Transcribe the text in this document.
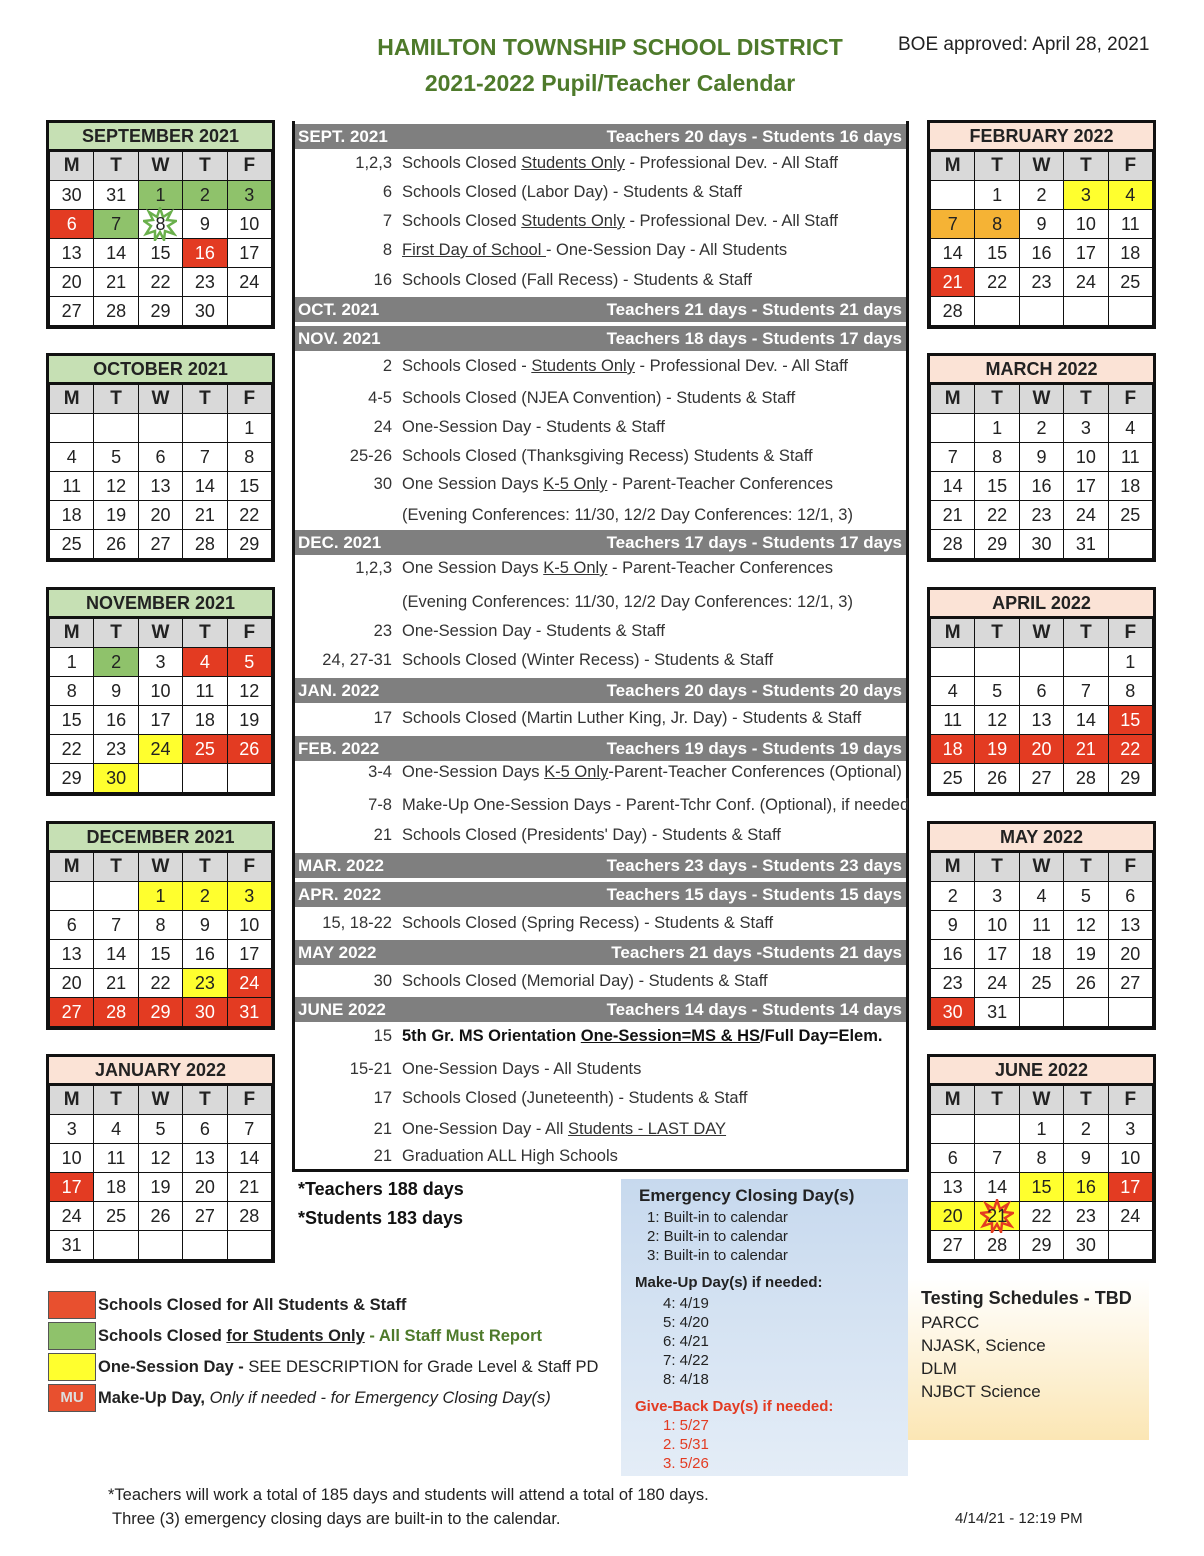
HAMILTON TOWNSHIP SCHOOL DISTRICT
2021-2022 Pupil/Teacher Calendar
BOE approved: April 28, 2021
SEPTEMBER 2021
M	T	W	T	F
30	31	1	2	3
6	7	8	9	10
13	14	15	16	17
20	21	22	23	24
27	28	29	30	
OCTOBER 2021
M	T	W	T	F
				1
4	5	6	7	8
11	12	13	14	15
18	19	20	21	22
25	26	27	28	29
NOVEMBER 2021
M	T	W	T	F
1	2	3	4	5
8	9	10	11	12
15	16	17	18	19
22	23	24	25	26
29	30			
DECEMBER 2021
M	T	W	T	F
		1	2	3
6	7	8	9	10
13	14	15	16	17
20	21	22	23	24
27	28	29	30	31
JANUARY 2022
M	T	W	T	F
3	4	5	6	7
10	11	12	13	14
17	18	19	20	21
24	25	26	27	28
31				
FEBRUARY 2022
M	T	W	T	F
	1	2	3	4
7	8	9	10	11
14	15	16	17	18
21	22	23	24	25
28				
MARCH 2022
M	T	W	T	F
	1	2	3	4
7	8	9	10	11
14	15	16	17	18
21	22	23	24	25
28	29	30	31	
APRIL 2022
M	T	W	T	F
				1
4	5	6	7	8
11	12	13	14	15
18	19	20	21	22
25	26	27	28	29
MAY 2022
M	T	W	T	F
2	3	4	5	6
9	10	11	12	13
16	17	18	19	20
23	24	25	26	27
30	31			
JUNE 2022
M	T	W	T	F
		1	2	3
6	7	8	9	10
13	14	15	16	17
20	21	22	23	24
27	28	29	30	
SEPT. 2021	Teachers 20 days - Students 16 days
OCT. 2021	Teachers 21 days - Students 21 days
NOV. 2021	Teachers 18 days - Students 17 days
DEC. 2021	Teachers 17 days - Students 17 days
JAN. 2022	Teachers 20 days - Students 20 days
FEB. 2022	Teachers 19 days - Students 19 days
MAR. 2022	Teachers 23 days - Students 23 days
APR. 2022	Teachers 15 days - Students 15 days
MAY 2022	Teachers 21 days -Students 21 days
JUNE 2022	Teachers 14 days - Students 14 days
1,2,3 Schools Closed Students Only - Professional Dev. - All Staff
6 Schools Closed (Labor Day) - Students & Staff
7 Schools Closed Students Only - Professional Dev. - All Staff
8 First Day of School - One-Session Day - All Students
16 Schools Closed (Fall Recess) - Students & Staff
2 Schools Closed - Students Only - Professional Dev. - All Staff
4-5 Schools Closed (NJEA Convention) - Students & Staff
24 One-Session Day - Students & Staff
25-26 Schools Closed (Thanksgiving Recess) Students & Staff
30 One Session Days K-5 Only - Parent-Teacher Conferences
(Evening Conferences: 11/30, 12/2 Day Conferences: 12/1, 3)
1,2,3 One Session Days K-5 Only - Parent-Teacher Conferences
(Evening Conferences: 11/30, 12/2 Day Conferences: 12/1, 3)
23 One-Session Day - Students & Staff
24, 27-31 Schools Closed (Winter Recess) - Students & Staff
17 Schools Closed (Martin Luther King, Jr. Day) - Students & Staff
3-4 One-Session Days K-5 Only-Parent-Teacher Conferences (Optional)
7-8 Make-Up One-Session Days - Parent-Tchr Conf. (Optional), if needed
21 Schools Closed (Presidents' Day) - Students & Staff
15, 18-22 Schools Closed (Spring Recess) - Students & Staff
30 Schools Closed (Memorial Day) - Students & Staff
15 5th Gr. MS Orientation One-Session=MS & HS/Full Day=Elem.
15-21 One-Session Days - All Students
17 Schools Closed (Juneteenth) - Students & Staff
21 One-Session Day - All Students - LAST DAY
21 Graduation ALL High Schools
*Teachers 188 days
*Students 183 days
Schools Closed for All Students & Staff
Schools Closed for Students Only - All Staff Must Report
One-Session Day - SEE DESCRIPTION for Grade Level & Staff PD
MU Make-Up Day, Only if needed - for Emergency Closing Day(s)
Emergency Closing Day(s)
1: Built-in to calendar
2: Built-in to calendar
3: Built-in to calendar
Make-Up Day(s) if needed:
4: 4/19
5: 4/20
6: 4/21
7: 4/22
8: 4/18
Give-Back Day(s) if needed:
1: 5/27
2. 5/31
3. 5/26
Testing Schedules - TBD
PARCC
NJASK, Science
DLM
NJBCT Science
*Teachers will work a total of 185 days and students will attend a total of 180 days.
Three (3) emergency closing days are built-in to the calendar.	4/14/21 - 12:19 PM
